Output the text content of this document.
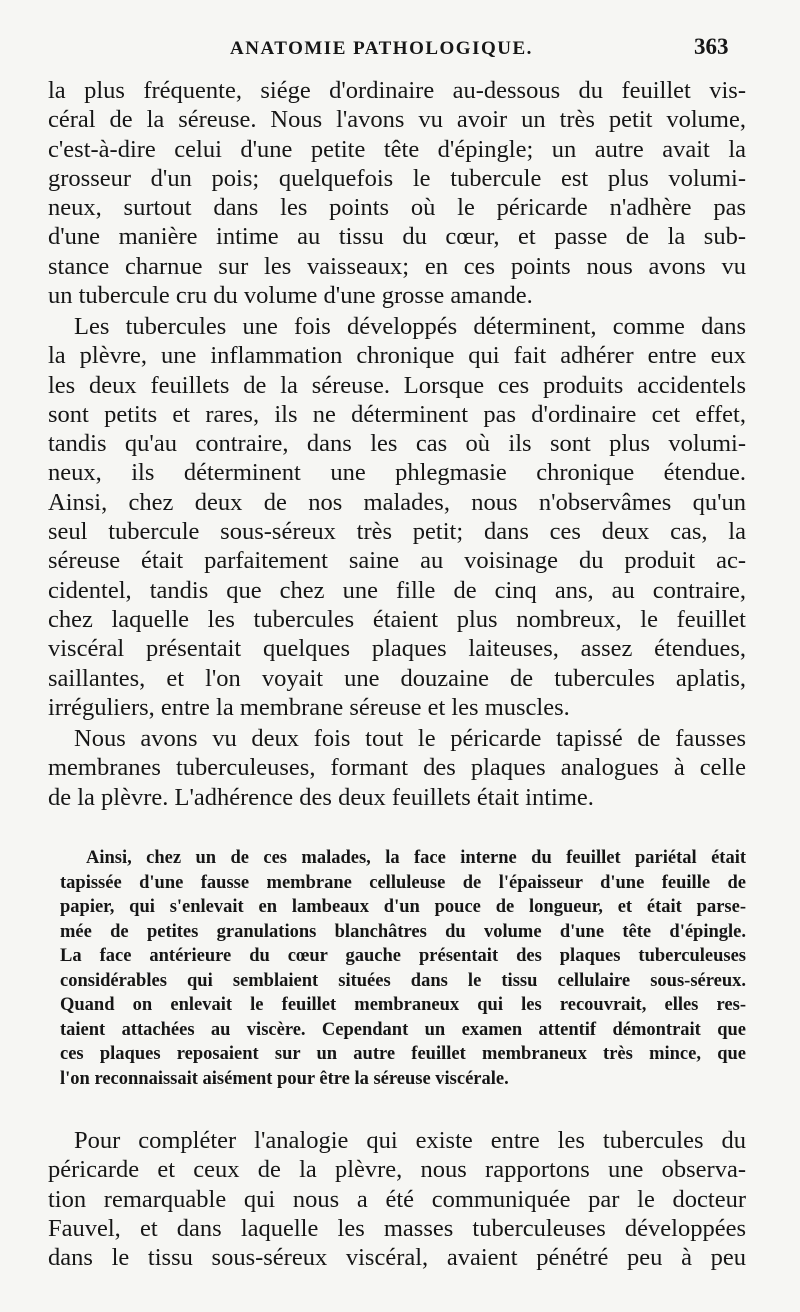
ANATOMIE PATHOLOGIQUE.	363

la plus fréquente, siége d'ordinaire au-dessous du feuillet vis-
céral de la séreuse. Nous l'avons vu avoir un très petit volume,
c'est-à-dire celui d'une petite tête d'épingle; un autre avait la
grosseur d'un pois; quelquefois le tubercule est plus volumi-
neux, surtout dans les points où le péricarde n'adhère pas
d'une manière intime au tissu du cœur, et passe de la sub-
stance charnue sur les vaisseaux; en ces points nous avons vu
un tubercule cru du volume d'une grosse amande.

Les tubercules une fois développés déterminent, comme dans
la plèvre, une inflammation chronique qui fait adhérer entre eux
les deux feuillets de la séreuse. Lorsque ces produits accidentels
sont petits et rares, ils ne déterminent pas d'ordinaire cet effet,
tandis qu'au contraire, dans les cas où ils sont plus volumi-
neux, ils déterminent une phlegmasie chronique étendue.
Ainsi, chez deux de nos malades, nous n'observâmes qu'un
seul tubercule sous-séreux très petit; dans ces deux cas, la
séreuse était parfaitement saine au voisinage du produit ac-
cidentel, tandis que chez une fille de cinq ans, au contraire,
chez laquelle les tubercules étaient plus nombreux, le feuillet
viscéral présentait quelques plaques laiteuses, assez étendues,
saillantes, et l'on voyait une douzaine de tubercules aplatis,
irréguliers, entre la membrane séreuse et les muscles.

Nous avons vu deux fois tout le péricarde tapissé de fausses
membranes tuberculeuses, formant des plaques analogues à celle
de la plèvre. L'adhérence des deux feuillets était intime.

Ainsi, chez un de ces malades, la face interne du feuillet pariétal était
tapissée d'une fausse membrane celluleuse de l'épaisseur d'une feuille de
papier, qui s'enlevait en lambeaux d'un pouce de longueur, et était parse-
mée de petites granulations blanchâtres du volume d'une tête d'épingle.
La face antérieure du cœur gauche présentait des plaques tuberculeuses
considérables qui semblaient situées dans le tissu cellulaire sous-séreux.
Quand on enlevait le feuillet membraneux qui les recouvrait, elles res-
taient attachées au viscère. Cependant un examen attentif démontrait que
ces plaques reposaient sur un autre feuillet membraneux très mince, que
l'on reconnaissait aisément pour être la séreuse viscérale.

Pour compléter l'analogie qui existe entre les tubercules du
péricarde et ceux de la plèvre, nous rapportons une observa-
tion remarquable qui nous a été communiquée par le docteur
Fauvel, et dans laquelle les masses tuberculeuses développées
dans le tissu sous-séreux viscéral, avaient pénétré peu à peu
